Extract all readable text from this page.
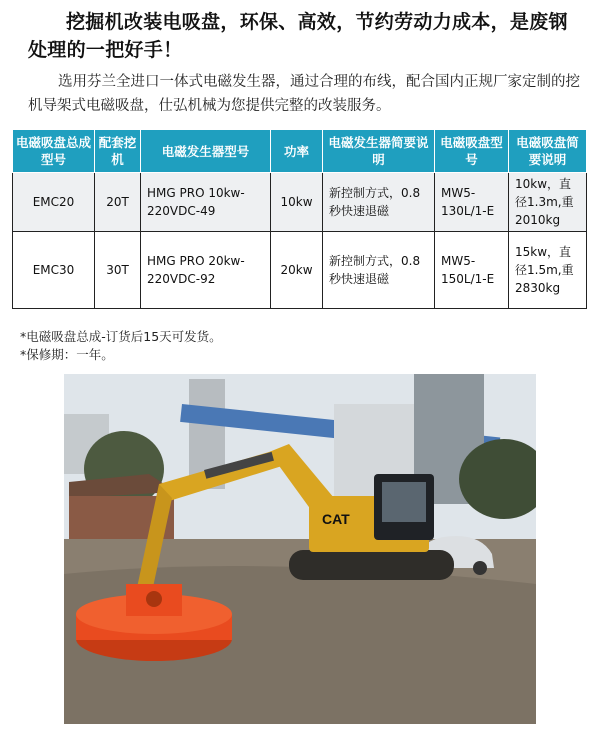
挖掘机改装电吸盘，环保、高效，节约劳动力成本，是废钢处理的一把好手！
选用芬兰全进口一体式电磁发生器，通过合理的布线，配合国内正规厂家定制的挖机导架式电磁吸盘，仕弘机械为您提供完整的改装服务。
电磁吸盘总成型号	配套挖机	电磁发生器型号	功率	电磁发生器简要说明	电磁吸盘型号	电磁吸盘简要说明
EMC20	20T	HMG PRO 10kw-220VDC-49	10kw	新控制方式，0.8秒快速退磁	MW5-130L/1-E	10kw，直径1.3m,重2010kg
EMC30	30T	HMG PRO 20kw-220VDC-92	20kw	新控制方式，0.8秒快速退磁	MW5-150L/1-E	15kw，直径1.5m,重2830kg
*电磁吸盘总成-订货后15天可发货。
*保修期：一年。
CAT
